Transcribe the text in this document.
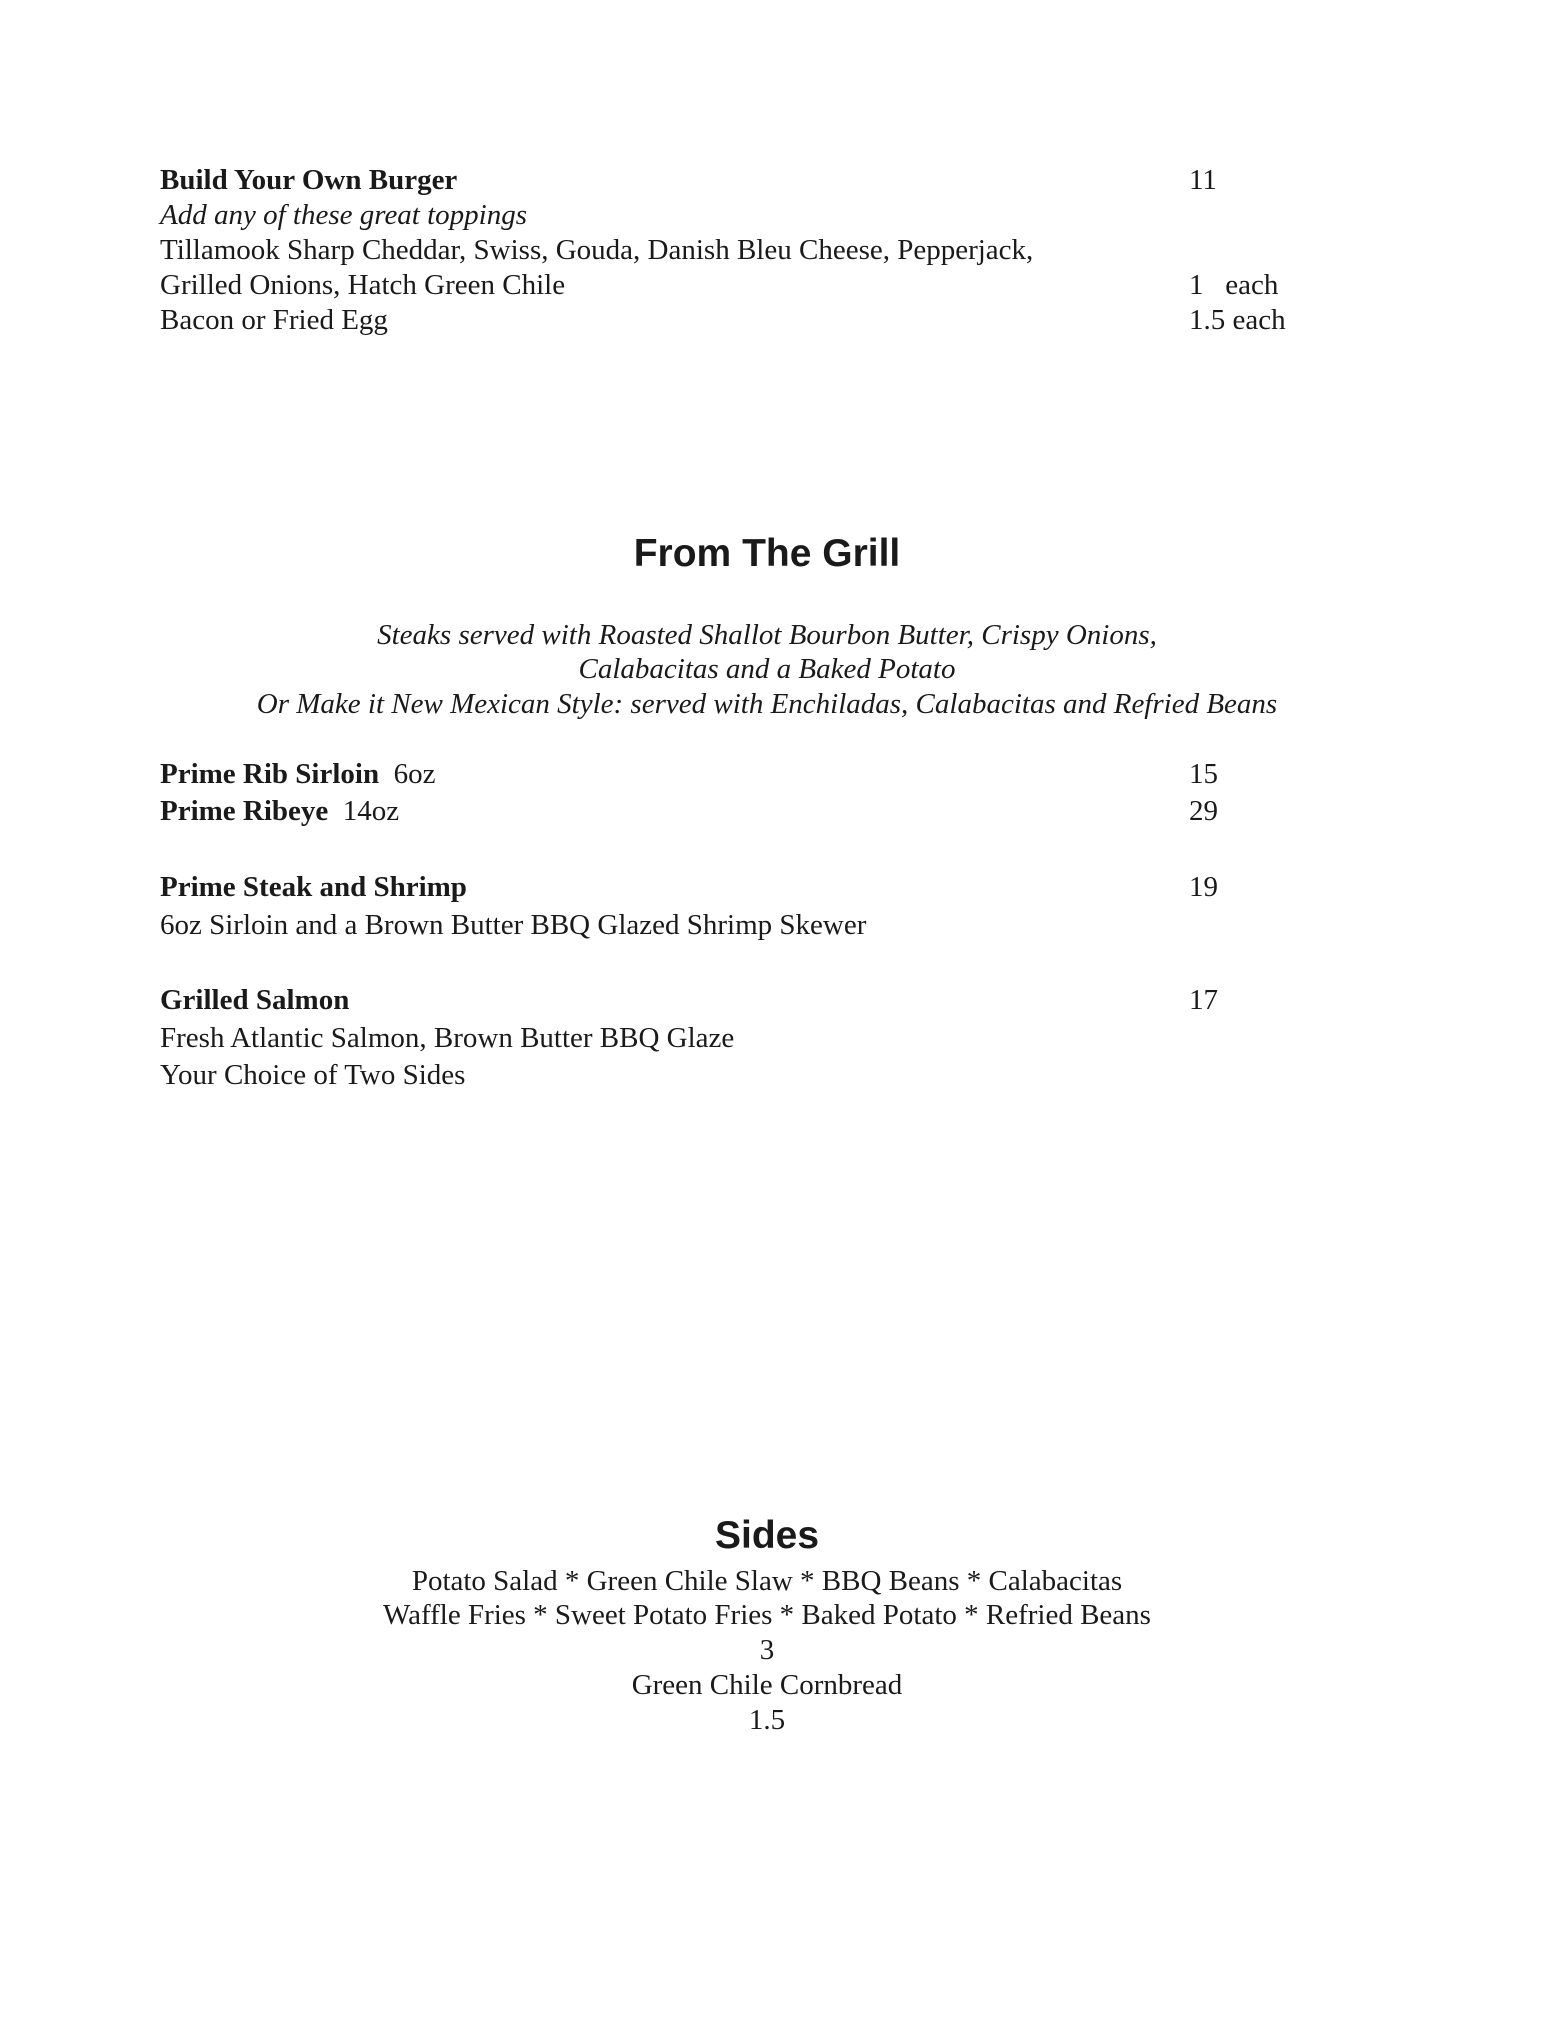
Build Your Own Burger	11
Add any of these great toppings
Tillamook Sharp Cheddar, Swiss, Gouda, Danish Bleu Cheese, Pepperjack,
Grilled Onions, Hatch Green Chile	1   each
Bacon or Fried Egg	1.5 each
From The Grill
Steaks served with Roasted Shallot Bourbon Butter, Crispy Onions,
Calabacitas and a Baked Potato
Or Make it New Mexican Style: served with Enchiladas, Calabacitas and Refried Beans
Prime Rib Sirloin 6oz	15
Prime Ribeye 14oz	29
Prime Steak and Shrimp	19
6oz Sirloin and a Brown Butter BBQ Glazed Shrimp Skewer
Grilled Salmon	17
Fresh Atlantic Salmon, Brown Butter BBQ Glaze
Your Choice of Two Sides
Sides
Potato Salad * Green Chile Slaw * BBQ Beans * Calabacitas
Waffle Fries * Sweet Potato Fries * Baked Potato * Refried Beans
3
Green Chile Cornbread
1.5
